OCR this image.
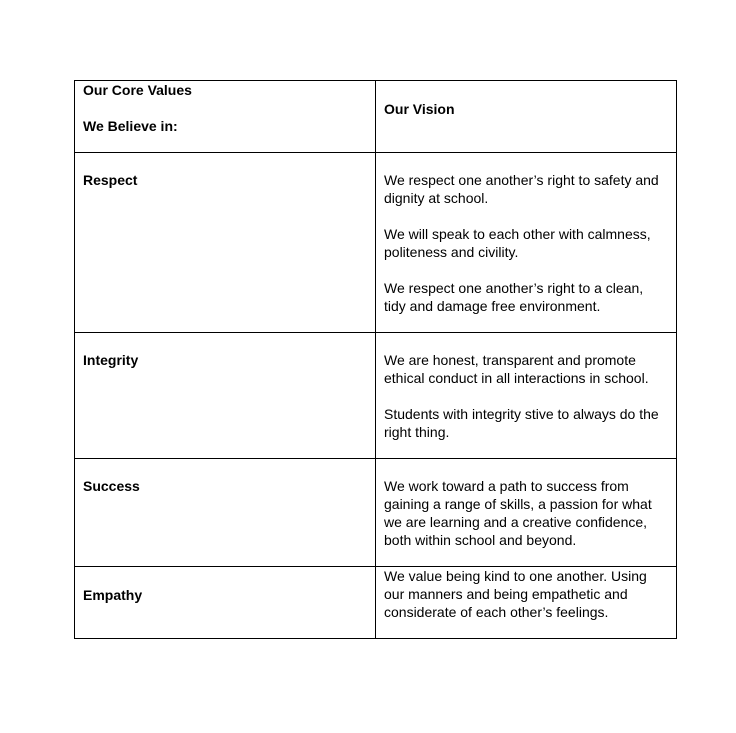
Our Core Values
We Believe in:	Our Vision

Respect	We respect one another’s right to safety and dignity at school.
We will speak to each other with calmness, politeness and civility.
We respect one another’s right to a clean, tidy and damage free environment.

Integrity	We are honest, transparent and promote ethical conduct in all interactions in school.
Students with integrity stive to always do the right thing.

Success	We work toward a path to success from gaining a range of skills, a passion for what we are learning and a creative confidence, both within school and beyond.

Empathy	We value being kind to one another. Using our manners and being empathetic and considerate of each other’s feelings.
